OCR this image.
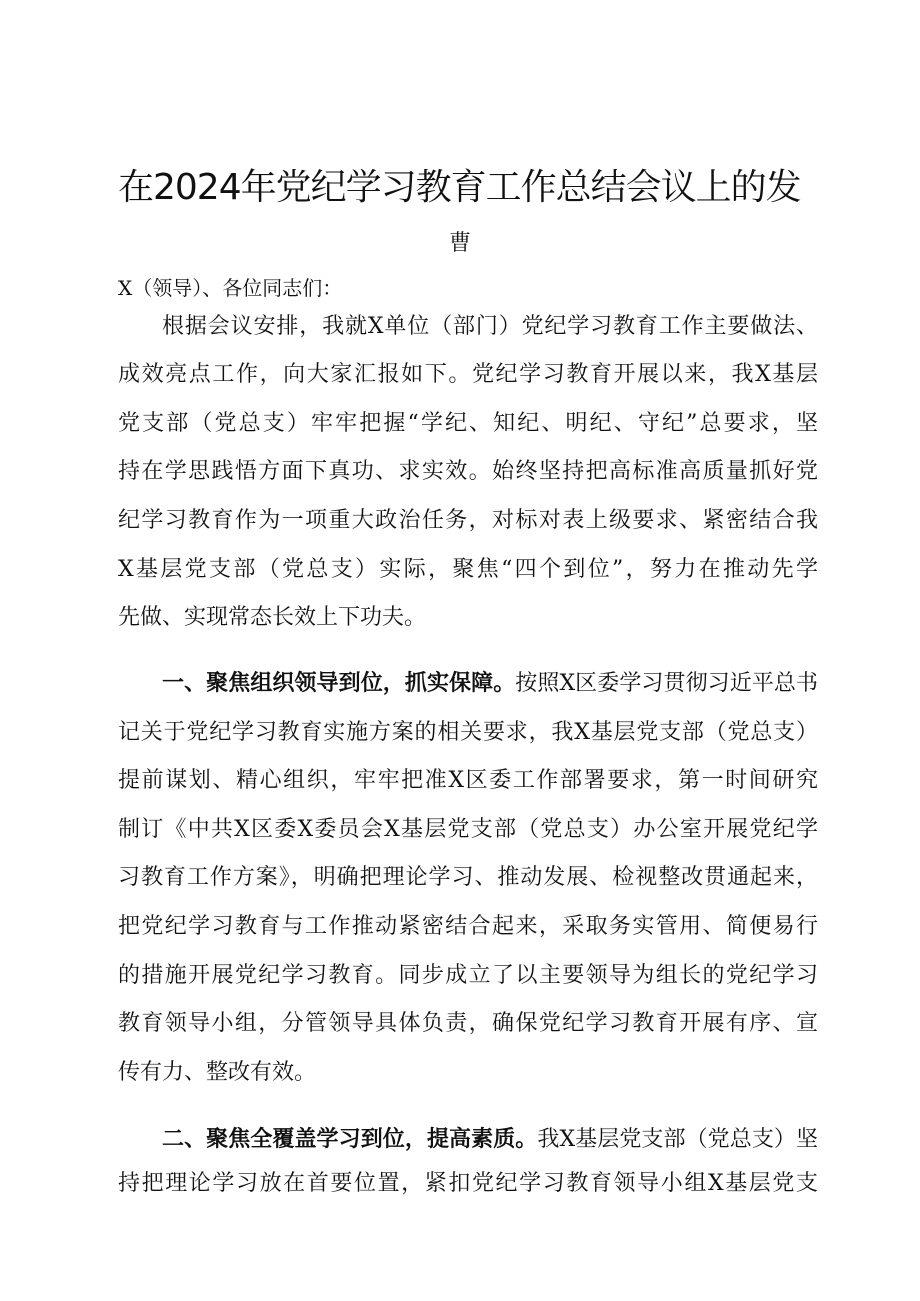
在2024年党纪学习教育工作总结会议上的发
曹
X（领导）、各位同志们：
根据会议安排，我就X单位（部门）党纪学习教育工作主要做法、
成效亮点工作，向大家汇报如下。党纪学习教育开展以来，我X基层
党支部（党总支）牢牢把握“学纪、知纪、明纪、守纪”总要求，坚
持在学思践悟方面下真功、求实效。始终坚持把高标准高质量抓好党
纪学习教育作为一项重大政治任务，对标对表上级要求、紧密结合我
X基层党支部（党总支）实际，聚焦“四个到位”，努力在推动先学
先做、实现常态长效上下功夫。
一、聚焦组织领导到位，抓实保障。按照X区委学习贯彻习近平总书
记关于党纪学习教育实施方案的相关要求，我X基层党支部（党总支）
提前谋划、精心组织，牢牢把准X区委工作部署要求，第一时间研究
制订《中共X区委X委员会X基层党支部（党总支）办公室开展党纪学
习教育工作方案》，明确把理论学习、推动发展、检视整改贯通起来，
把党纪学习教育与工作推动紧密结合起来，采取务实管用、简便易行
的措施开展党纪学习教育。同步成立了以主要领导为组长的党纪学习
教育领导小组，分管领导具体负责，确保党纪学习教育开展有序、宣
传有力、整改有效。
二、聚焦全覆盖学习到位，提高素质。我X基层党支部（党总支）坚
持把理论学习放在首要位置，紧扣党纪学习教育领导小组X基层党支
